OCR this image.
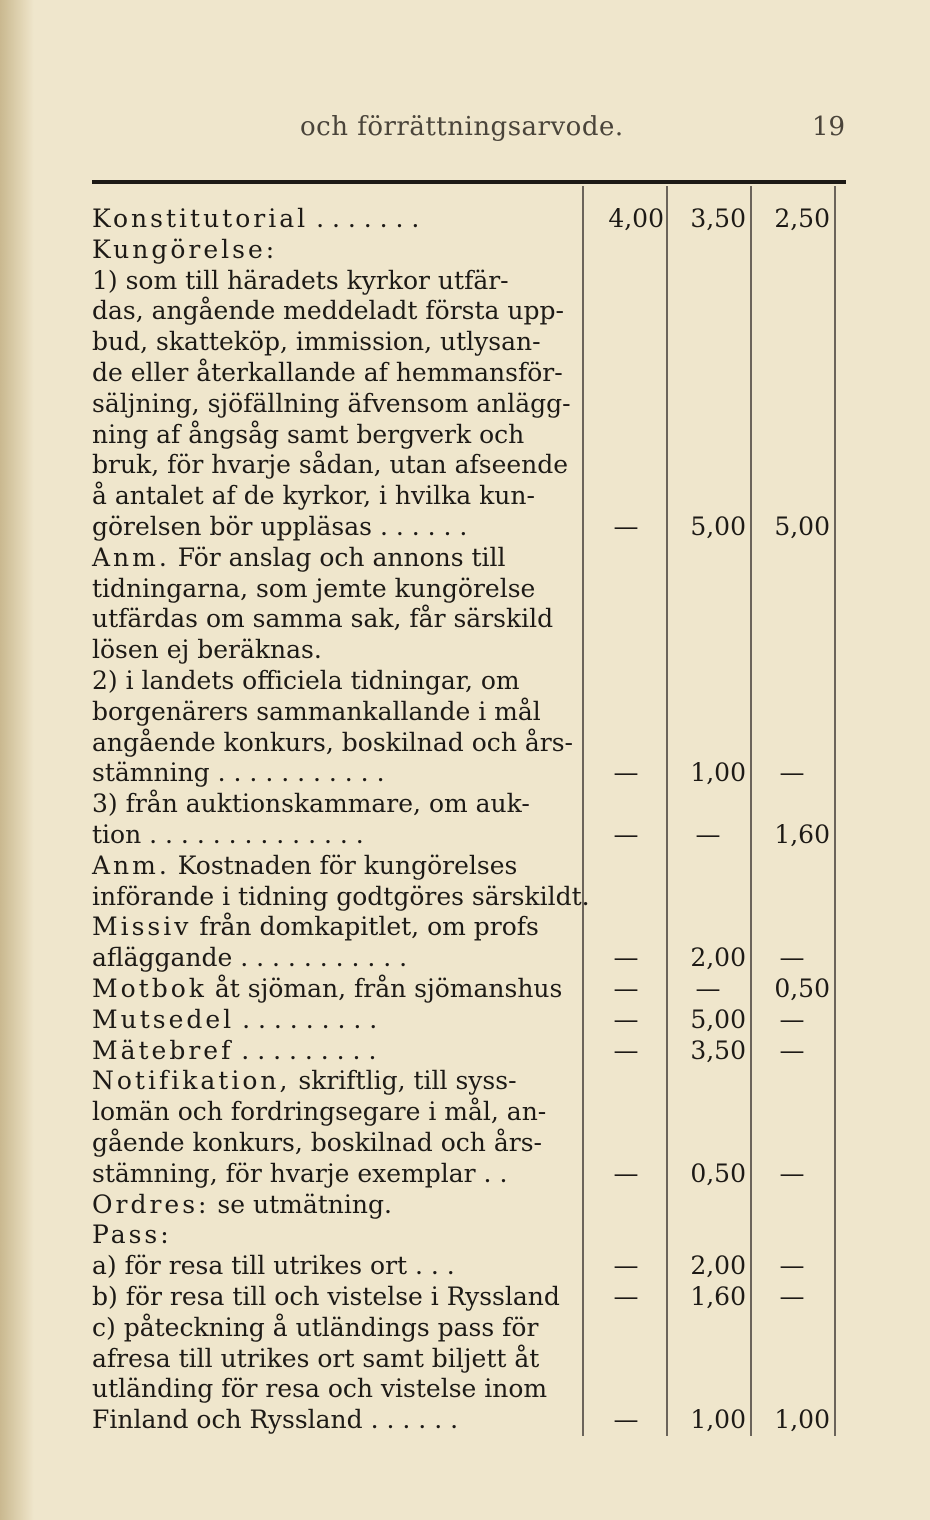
och förrättningsarvode.	19
Konstitutorial . . . . . . .	4,00	3,50	2,50
Kungörelse:
1) som till häradets kyrkor utfär-
das, angående meddeladt första upp-
bud, skatteköp, immission, utlysan-
de eller återkallande af hemmansför-
säljning, sjöfällning äfvensom anlägg-
ning af ångsåg samt bergverk och
bruk, för hvarje sådan, utan afseende
å antalet af de kyrkor, i hvilka kun-
görelsen bör uppläsas . . . . . .	—	5,00	5,00
Anm. För anslag och annons till
tidningarna, som jemte kungörelse
utfärdas om samma sak, får särskild
lösen ej beräknas.
2) i landets officiela tidningar, om
borgenärers sammankallande i mål
angående konkurs, boskilnad och års-
stämning . . . . . . . . . . .	—	1,00	—
3) från auktionskammare, om auk-
tion . . . . . . . . . . . . . .	—	—	1,60
Anm. Kostnaden för kungörelses
införande i tidning godtgöres särskildt.
Missiv från domkapitlet, om profs
afläggande . . . . . . . . . . .	—	2,00	—
Motbok åt sjöman, från sjömanshus	—	—	0,50
Mutsedel . . . . . . . . .	—	5,00	—
Mätebref . . . . . . . . .	—	3,50	—
Notifikation, skriftlig, till syss-
lomän och fordringsegare i mål, an-
gående konkurs, boskilnad och års-
stämning, för hvarje exemplar . .	—	0,50	—
Ordres: se utmätning.
Pass:
a) för resa till utrikes ort . . .	—	2,00	—
b) för resa till och vistelse i Ryssland	—	1,60	—
c) påteckning å utländings pass för
afresa till utrikes ort samt biljett åt
utländing för resa och vistelse inom
Finland och Ryssland . . . . . .	—	1,00	1,00
